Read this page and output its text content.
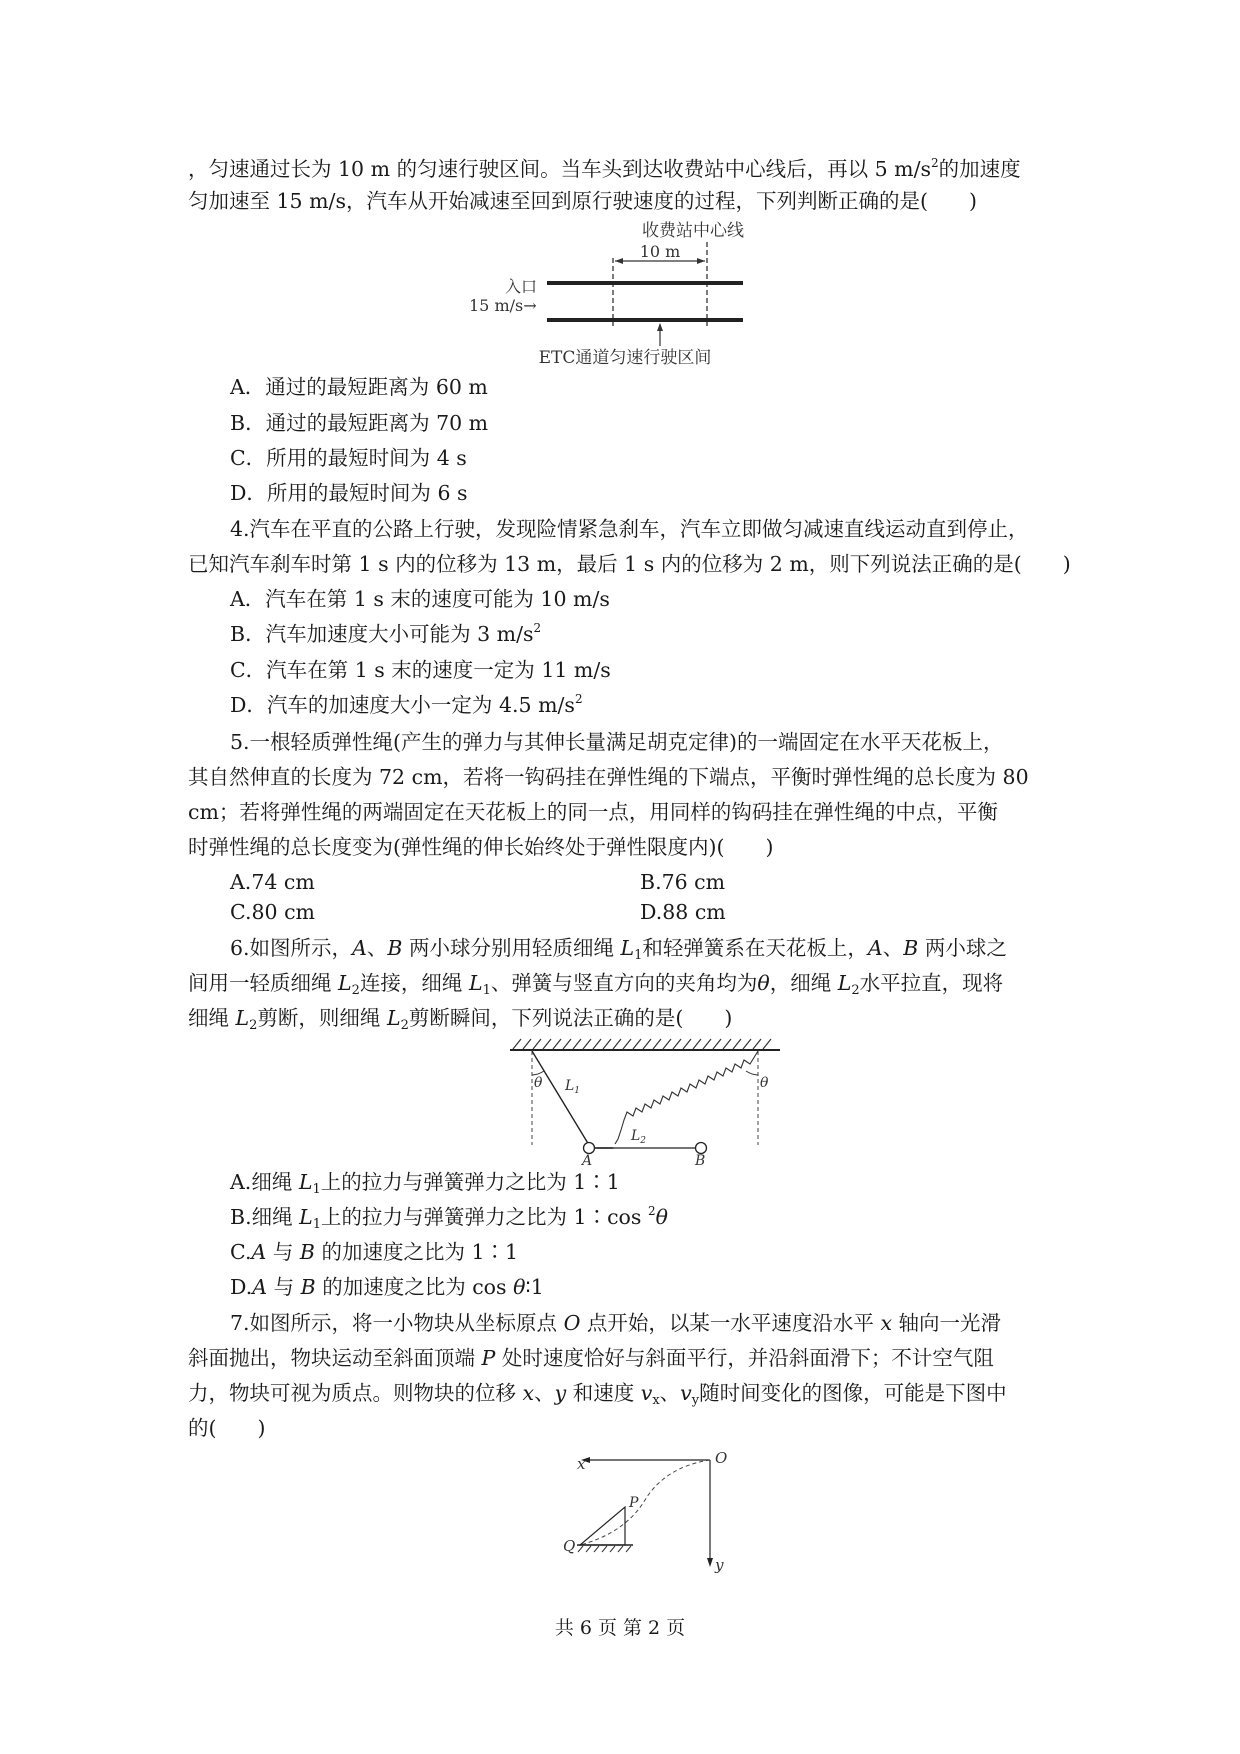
，匀速通过长为 10 m 的匀速行驶区间。当车头到达收费站中心线后，再以 5 $m/s^2$的加速度
匀加速至 15 m/s，汽车从开始减速至回到原行驶速度的过程，下列判断正确的是(　　)
收费站中心线
10 m
入口
15 m/s→
ETC通道匀速行驶区间
A．通过的最短距离为 60 m
B．通过的最短距离为 70 m
C．所用的最短时间为 4 s
D．所用的最短时间为 6 s
4.汽车在平直的公路上行驶，发现险情紧急刹车，汽车立即做匀减速直线运动直到停止，
已知汽车刹车时第 1 s 内的位移为 13 m，最后 1 s 内的位移为 2 m，则下列说法正确的是(　　)
A．汽车在第 1 s 末的速度可能为 10 m/s
B．汽车加速度大小可能为 3 $m/s^2$
C．汽车在第 1 s 末的速度一定为 11 m/s
D．汽车的加速度大小一定为 4.5 $m/s^2$
5.一根轻质弹性绳(产生的弹力与其伸长量满足胡克定律)的一端固定在水平天花板上，
其自然伸直的长度为 72 cm，若将一钩码挂在弹性绳的下端点，平衡时弹性绳的总长度为 80
cm；若将弹性绳的两端固定在天花板上的同一点，用同样的钩码挂在弹性绳的中点，平衡
时弹性绳的总长度变为(弹性绳的伸长始终处于弹性限度内)(　　)
A.74 cm	B.76 cm
C.80 cm	D.88 cm
6.如图所示，A、B 两小球分别用轻质细绳 $L_1$和轻弹簧系在天花板上，A、B 两小球之
间用一轻质细绳 $L_2$连接，细绳 $L_1$、弹簧与竖直方向的夹角均为θ，细绳 $L_2$水平拉直，现将
细绳 $L_2$剪断，则细绳 $L_2$剪断瞬间，下列说法正确的是(　　)
θ $L_1$	θ
$L_2$
A	B
A.细绳 $L_1$上的拉力与弹簧弹力之比为 1∶1
B.细绳 $L_1$上的拉力与弹簧弹力之比为 1∶cos $^2$θ
C.A 与 B 的加速度之比为 1∶1
D.A 与 B 的加速度之比为 cos θ∶1
7.如图所示，将一小物块从坐标原点 O 点开始，以某一水平速度沿水平 x 轴向一光滑
斜面抛出，物块运动至斜面顶端 P 处时速度恰好与斜面平行，并沿斜面滑下；不计空气阻
力，物块可视为质点。则物块的位移 x、y 和速度 $v_x$、$v_y$随时间变化的图像，可能是下图中
的(　　)
x
y
O
P
Q
共 6 页 第 2 页
